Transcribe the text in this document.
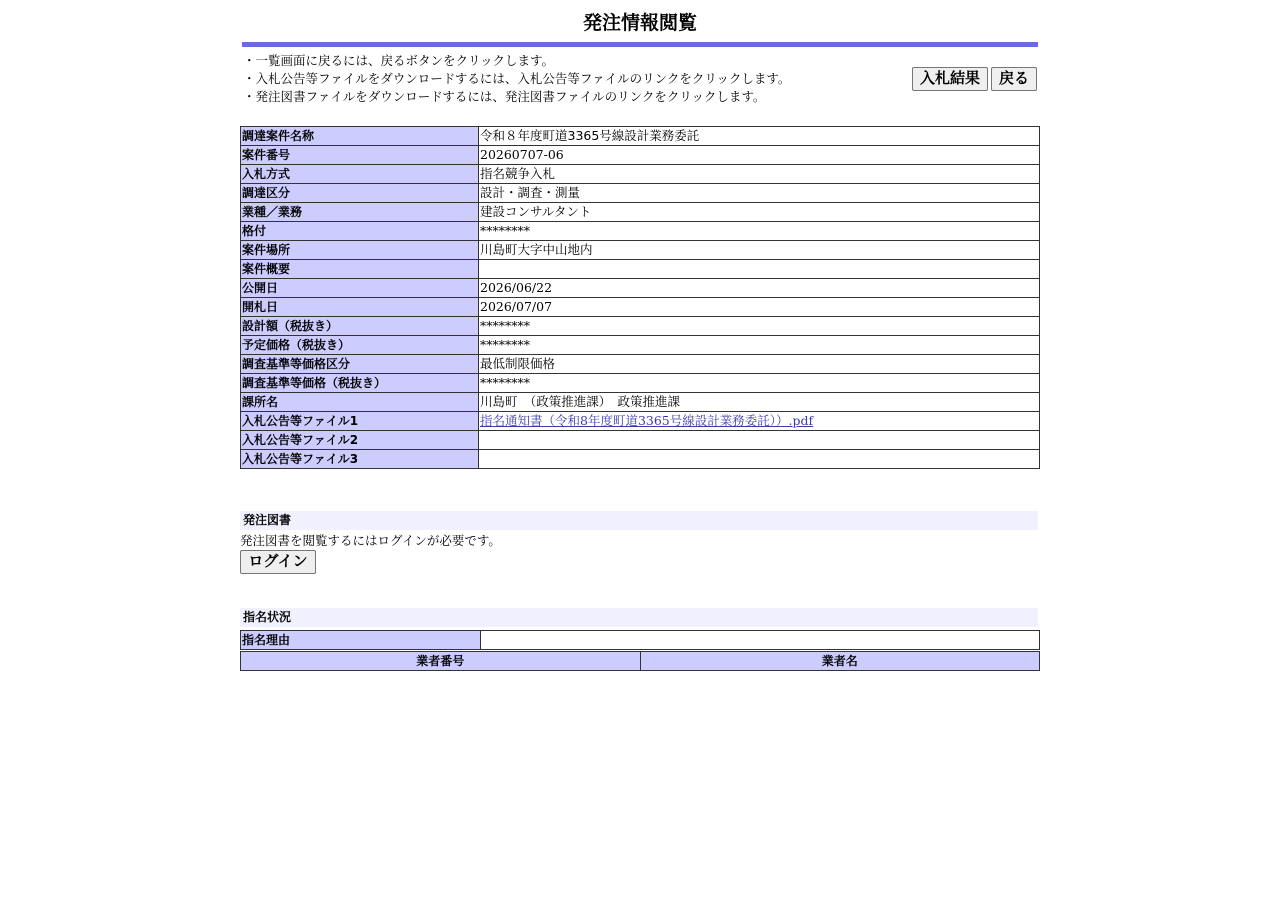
発注情報閲覧
・一覧画面に戻るには、戻るボタンをクリックします。
・入札公告等ファイルをダウンロードするには、入札公告等ファイルのリンクをクリックします。
・発注図書ファイルをダウンロードするには、発注図書ファイルのリンクをクリックします。
入札結果	戻る
調達案件名称	令和８年度町道3365号線設計業務委託
案件番号	20260707-06
入札方式	指名競争入札
調達区分	設計・調査・測量
業種／業務	建設コンサルタント
格付	********
案件場所	川島町大字中山地内
案件概要	
公開日	2026/06/22
開札日	2026/07/07
設計額（税抜き）	********
予定価格（税抜き）	********
調査基準等価格区分	最低制限価格
調査基準等価格（税抜き）	********
課所名	川島町　（政策推進課）　政策推進課
入札公告等ファイル1	指名通知書（令和8年度町道3365号線設計業務委託））.pdf
入札公告等ファイル2	
入札公告等ファイル3	
発注図書
発注図書を閲覧するにはログインが必要です。
ログイン
指名状況
指名理由	
業者番号	業者名
